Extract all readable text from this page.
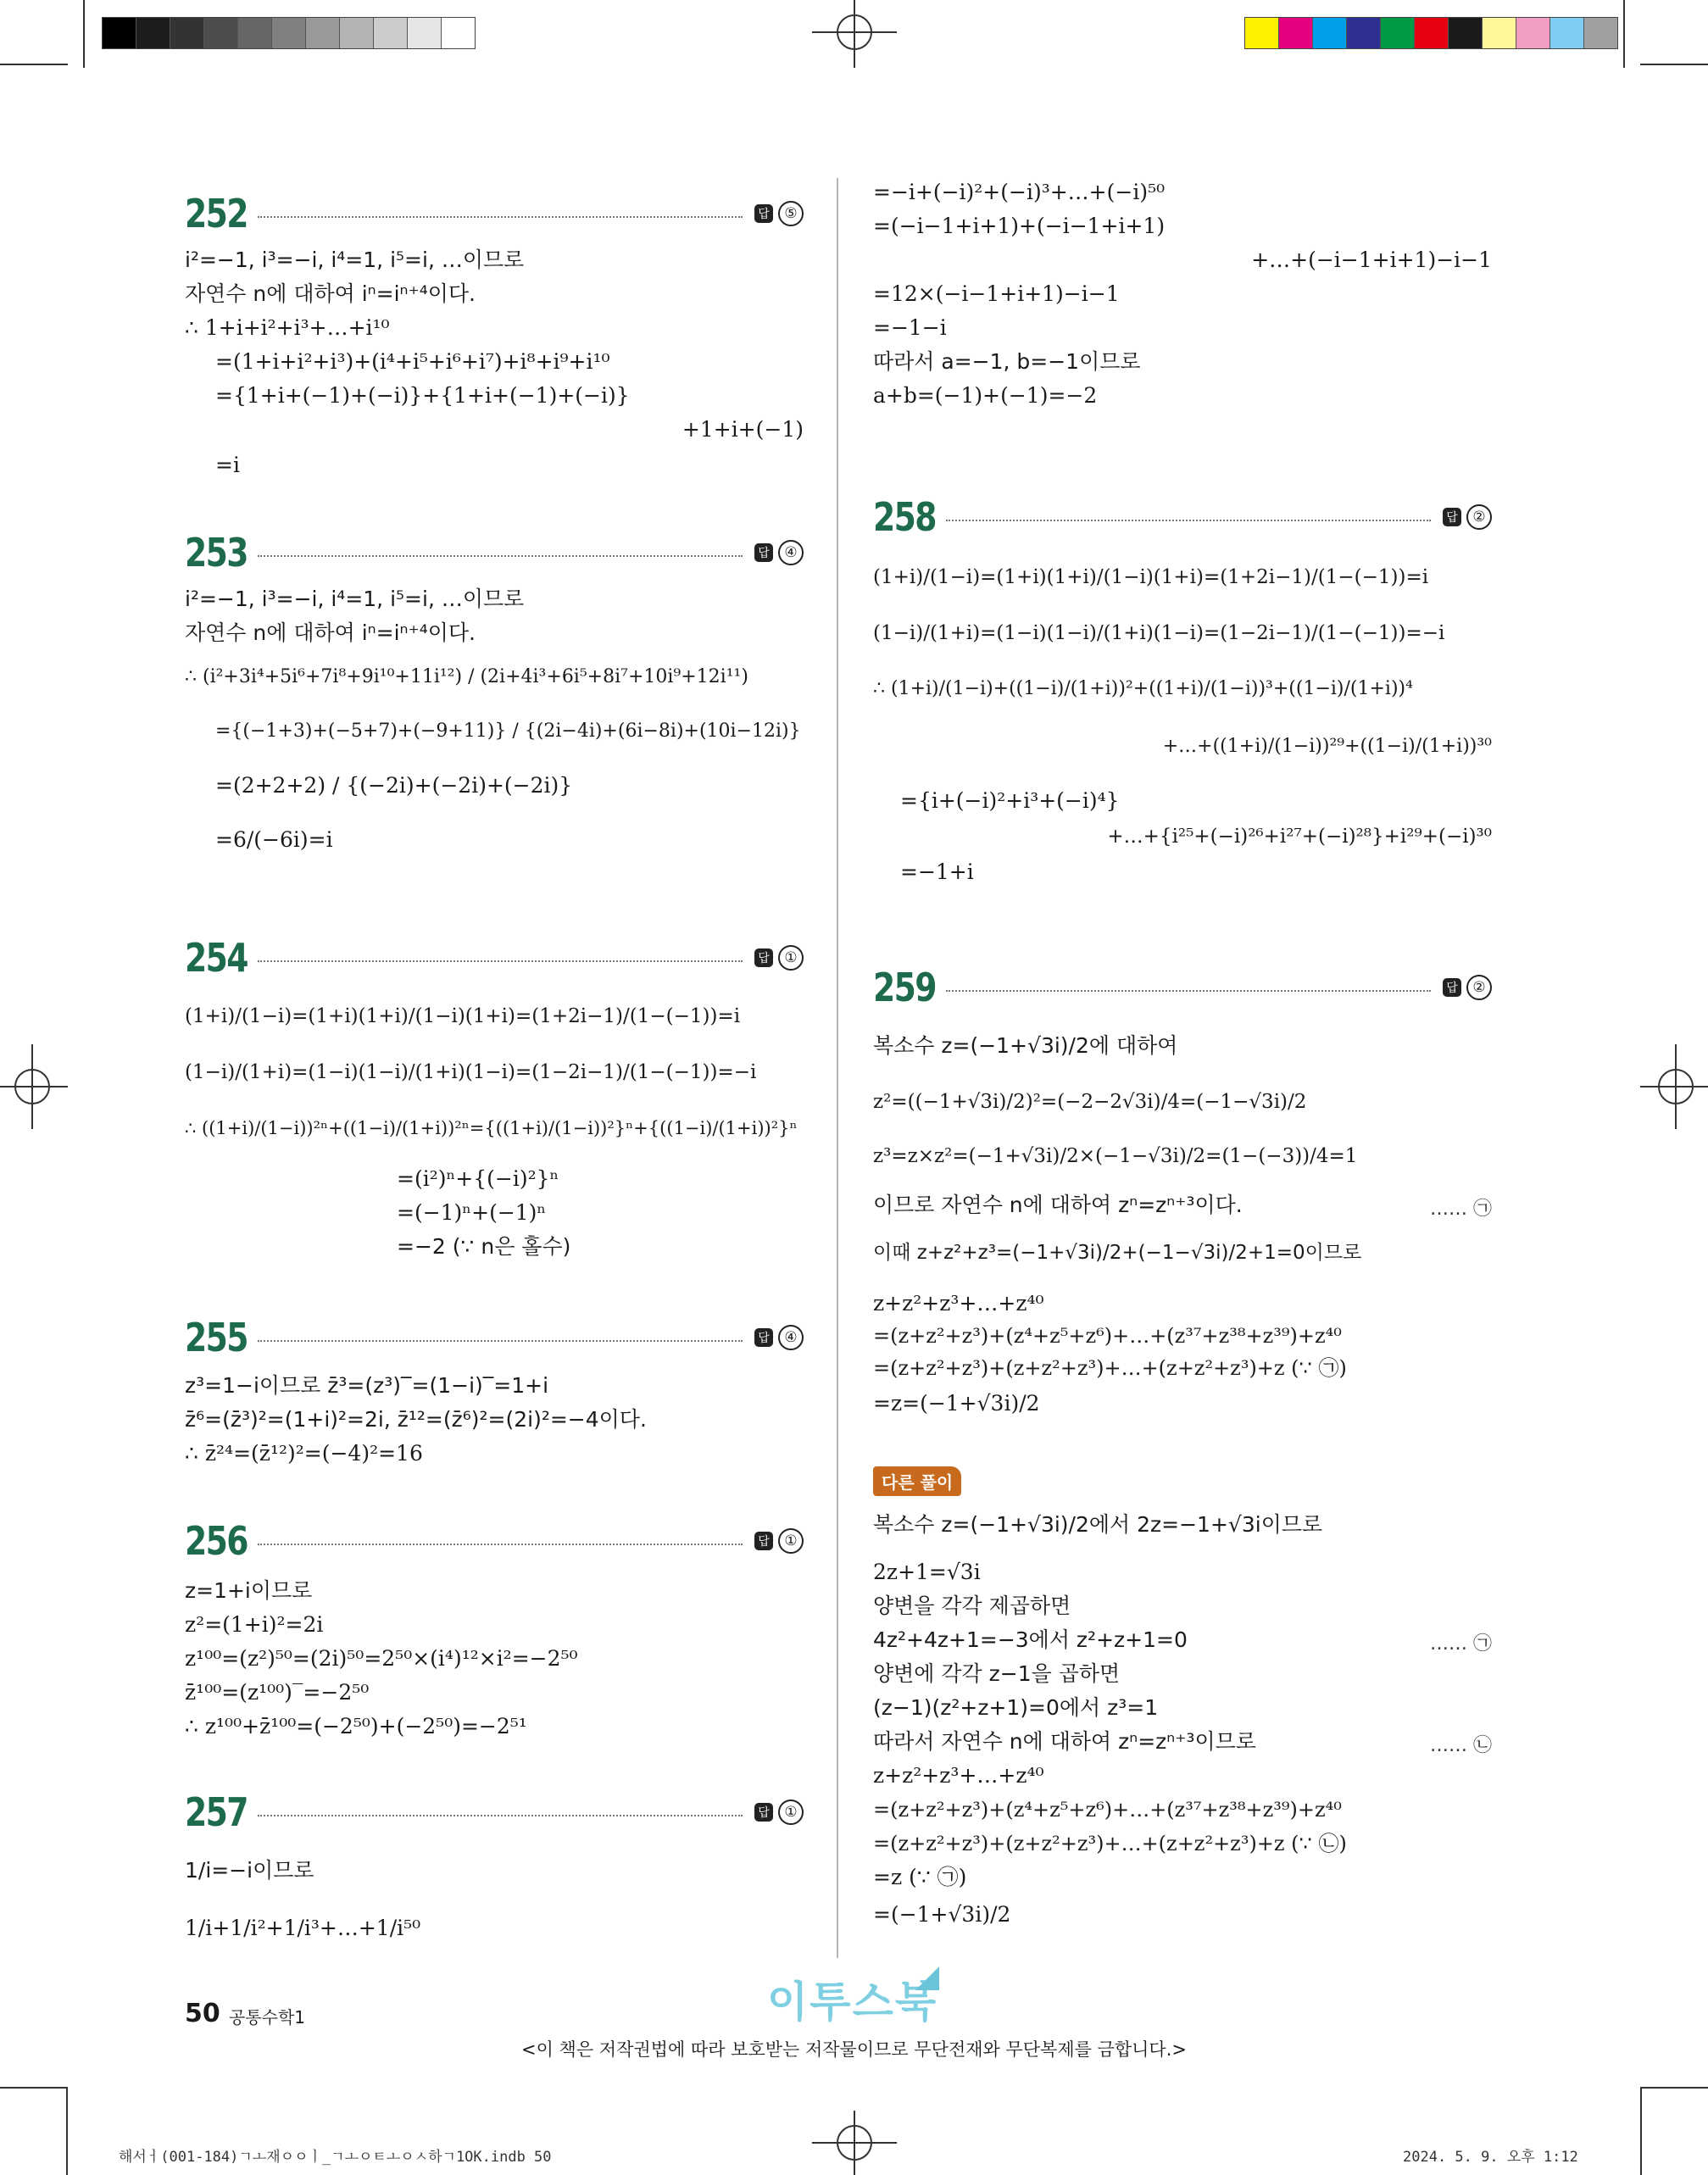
252	답	⑤
i²=−1, i³=−i, i⁴=1, i⁵=i, …이므로
자연수 n에 대하여 iⁿ=iⁿ⁺⁴이다.
∴ 1+i+i²+i³+…+i¹⁰
=(1+i+i²+i³)+(i⁴+i⁵+i⁶+i⁷)+i⁸+i⁹+i¹⁰
={1+i+(−1)+(−i)}+{1+i+(−1)+(−i)}
+1+i+(−1)
=i
253	답	④
i²=−1, i³=−i, i⁴=1, i⁵=i, …이므로
자연수 n에 대하여 iⁿ=iⁿ⁺⁴이다.
∴ (i²+3i⁴+5i⁶+7i⁸+9i¹⁰+11i¹²) / (2i+4i³+6i⁵+8i⁷+10i⁹+12i¹¹)
={(−1+3)+(−5+7)+(−9+11)} / {(2i−4i)+(6i−8i)+(10i−12i)}
=(2+2+2) / {(−2i)+(−2i)+(−2i)}
=6/(−6i)=i
254	답	①
(1+i)/(1−i)=(1+i)(1+i)/(1−i)(1+i)=(1+2i−1)/(1−(−1))=i
(1−i)/(1+i)=(1−i)(1−i)/(1+i)(1−i)=(1−2i−1)/(1−(−1))=−i
∴ ((1+i)/(1−i))²ⁿ+((1−i)/(1+i))²ⁿ={((1+i)/(1−i))²}ⁿ+{((1−i)/(1+i))²}ⁿ
=(i²)ⁿ+{(−i)²}ⁿ
=(−1)ⁿ+(−1)ⁿ
=−2 (∵ n은 홀수)
255	답	④
z³=1−i이므로 z̄³=(z³)‾=(1−i)‾=1+i
z̄⁶=(z̄³)²=(1+i)²=2i, z̄¹²=(z̄⁶)²=(2i)²=−4이다.
∴ z̄²⁴=(z̄¹²)²=(−4)²=16
256	답	①
z=1+i이므로
z²=(1+i)²=2i
z¹⁰⁰=(z²)⁵⁰=(2i)⁵⁰=2⁵⁰×(i⁴)¹²×i²=−2⁵⁰
z̄¹⁰⁰=(z¹⁰⁰)‾=−2⁵⁰
∴ z¹⁰⁰+z̄¹⁰⁰=(−2⁵⁰)+(−2⁵⁰)=−2⁵¹
257	답	①
1/i=−i이므로
1/i+1/i²+1/i³+…+1/i⁵⁰
=−i+(−i)²+(−i)³+…+(−i)⁵⁰
=(−i−1+i+1)+(−i−1+i+1)
+…+(−i−1+i+1)−i−1
=12×(−i−1+i+1)−i−1
=−1−i
따라서 a=−1, b=−1이므로
a+b=(−1)+(−1)=−2
258	답	②
(1+i)/(1−i)=(1+i)(1+i)/(1−i)(1+i)=(1+2i−1)/(1−(−1))=i
(1−i)/(1+i)=(1−i)(1−i)/(1+i)(1−i)=(1−2i−1)/(1−(−1))=−i
∴ (1+i)/(1−i)+((1−i)/(1+i))²+((1+i)/(1−i))³+((1−i)/(1+i))⁴
+…+((1+i)/(1−i))²⁹+((1−i)/(1+i))³⁰
={i+(−i)²+i³+(−i)⁴}
+…+{i²⁵+(−i)²⁶+i²⁷+(−i)²⁸}+i²⁹+(−i)³⁰
=−1+i
259	답	②
복소수 z=(−1+√3i)/2에 대하여
z²=((−1+√3i)/2)²=(−2−2√3i)/4=(−1−√3i)/2
z³=z×z²=(−1+√3i)/2×(−1−√3i)/2=(1−(−3))/4=1
이므로 자연수 n에 대하여 zⁿ=zⁿ⁺³이다.	…… ㉠
이때 z+z²+z³=(−1+√3i)/2+(−1−√3i)/2+1=0이므로
z+z²+z³+…+z⁴⁰
=(z+z²+z³)+(z⁴+z⁵+z⁶)+…+(z³⁷+z³⁸+z³⁹)+z⁴⁰
=(z+z²+z³)+(z+z²+z³)+…+(z+z²+z³)+z (∵ ㉠)
=z=(−1+√3i)/2
다른 풀이
복소수 z=(−1+√3i)/2에서 2z=−1+√3i이므로
2z+1=√3i
양변을 각각 제곱하면
4z²+4z+1=−3에서 z²+z+1=0	…… ㉠
양변에 각각 z−1을 곱하면
(z−1)(z²+z+1)=0에서 z³=1
따라서 자연수 n에 대하여 zⁿ=zⁿ⁺³이므로	…… ㉡
z+z²+z³+…+z⁴⁰
=(z+z²+z³)+(z⁴+z⁵+z⁶)+…+(z³⁷+z³⁸+z³⁹)+z⁴⁰
=(z+z²+z³)+(z+z²+z³)+…+(z+z²+z³)+z (∵ ㉡)
=z (∵ ㉠)
=(−1+√3i)/2
50 공통수학1	이투스북
<이 책은 저작권법에 따라 보호받는 저작물이므로 무단전재와 무단복제를 금합니다.>
해서ㅓ(001-184)ㄱㅗ재ㅇㅇㅣ_ㄱㅗㅇㅌㅗㅇㅅ하ㄱ1OK.indb 50	2024. 5. 9. 오후 1:12
